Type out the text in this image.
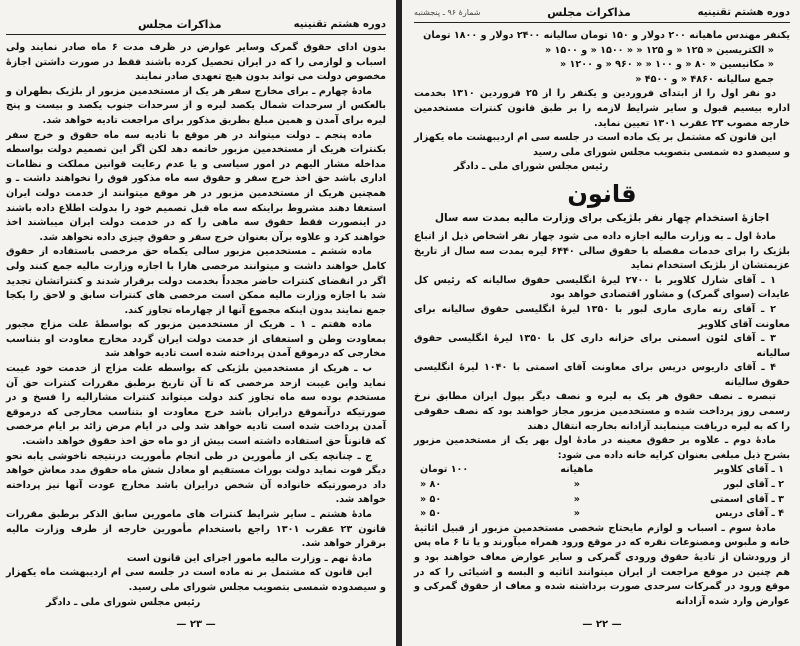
دوره هشتم تقنینیه
مذاکرات مجلس

بدون ادای حقوق گمرک وسایر عوارض در ظرف مدت ۶ ماه صادر نمایند ولی اسباب و لوازمی را که در ایران تحصیل کرده باشند فقط در صورت داشتن اجازهٔ مخصوص دولت می تواند بدون هیچ تعهدی صادر نمایند

مادهٔ چهارم ـ برای مخارج سفر هر یک از مستخدمین مزبور از بلژیک بطهران و بالعکس از سرحدات شمال یکصد لیره و از سرحدات جنوب یکصد و بیست و پنج لیره برای آمدن و همین مبلغ بطریق مذکور برای مراجعت تادیه خواهد شد.

ماده پنجم ـ دولت میتواند در هر موقع با تادیه سه ماه حقوق و خرج سفر بکنترات هریک از مستخدمین مزبور خاتمه دهد لکن اگر این تصمیم دولت بواسطه مداخله مشار الیهم در امور سیاسی و یا عدم رعایت قوانین مملکت و نظامات اداری باشد حق اخذ خرج سفر و حقوق سه ماه مذکور فوق را نخواهند داشت ـ و همچنین هریک از مستخدمین مزبور در هر موقع میتوانند از خدمت دولت ایران استعفا دهند مشروط براینکه سه ماه قبل تصمیم خود را بدولت اطلاع داده باشند در اینصورت فقط حقوق سه ماهی را که در خدمت دولت ایران میباشند اخذ خواهند کرد و علاوه برآن بعنوان خرج سفر و حقوق چیزی داده نخواهد شد.

ماده ششم ـ مستخدمین مزبور سالی یکماه حق مرخصی باستفاده از حقوق کامل خواهند داشت و میتوانند مرخصی هارا با اجازه وزارت مالیه جمع کنند ولی اگر در انقضای کنترات حاضر مجدداً بخدمت دولت برقرار شدند و کنتراتشان تجدید شد با اجازه وزارت مالیه ممکن است مرخصی های کنترات سابق و لاحق را یکجا جمع نمایند بدون اینکه مجموع آنها از چهارماه تجاوز کند.

ماده هفتم ـ ۱ ـ هریک از مستخدمین مزبور که بواسطهٔ علت مزاج مجبور بمعاودت وطن و استعفای از خدمت دولت ایران گردد مخارج معاودت او بتناسب مخارجی که درموقع آمدن پرداخته شده است تادیه خواهد شد

ب ـ هریک از مستخدمین بلژیکی که بواسطه علت مزاج از خدمت خود غیبت نماید واین غیبت ازحد مرخصی که تا آن تاریخ برطبق مقررات کنترات حق آن مستخدم بوده سه ماه تجاوز کند دولت میتواند کنترات مشارالیه را فسخ و در صورتیکه درآنموقع درایران باشد خرج معاودت او بتناسب مخارجی که درموقع آمدن پرداخت شده است تادیه خواهد شد ولی در ایام مرض زائد بر ایام مرخصی که قانوناً حق استفاده داشته است بیش از دو ماه حق اخذ حقوق خواهد داشت.

ج ـ چنانچه یکی از مأمورین در طی انجام مأموریت درنتیجه ناخوشی یابه نحو دیگر فوت نماید دولت بوراث مستقیم او معادل شش ماه حقوق مدد معاش خواهد داد درصورتیکه خانواده آن شخص درایران باشد مخارج عودت آنها نیز پرداخته خواهد شد.

مادهٔ هشتم ـ سایر شرایط کنترات های مامورین سابق الذکر برطبق مقررات قانون ۲۳ عقرب ۱۳۰۱ راجع باستخدام مأمورین خارجه از طرف وزارت مالیه برقرار خواهد شد.

مادهٔ نهم ـ وزارت مالیه مامور اجرای این قانون است

این قانون که مشتمل بر نه ماده است در جلسه سی ام اردیبهشت ماه یکهزار و سیصدوده شمسی بتصویب مجلس شورای ملی رسید.

رئیس مجلس شورای ملی ـ دادگر
— ۲۳ —
دوره هشتم تقنینیه
مذاکرات مجلس
شمارهٔ ۹۶ ـ پنجشنبه
یکنفر مهندس ماهیانه ۲۰۰ دولار و ۱۵۰ تومان سالیانه ۲۴۰۰ دولار و ۱۸۰۰ تومان
« الکتریسین « ۱۲۵ « و ۱۲۵ « « ۱۵۰۰ « و ۱۵۰۰ «
« مکانیسین « ۸۰ « و ۱۰۰ « « ۹۶۰ « و ۱۲۰۰ «
جمع سالیانه ۴۸۶۰ « و ۴۵۰۰ «

دو نفر اول را از ابتدای فروردین و یکنفر را از ۲۵ فروردین ۱۳۱۰ بخدمت اداره بیسیم قبول و سایر شرایط لازمه را بر طبق قانون کنترات مستخدمین خارجه مصوب ۲۳ عقرب ۱۳۰۱ تعیین نماید.

این قانون که مشتمل بر یک ماده است در جلسه سی ام اردیبهشت ماه یکهزار و سیصدو ده شمسی بتصویب مجلس شورای ملی رسید

رئیس مجلس شورای ملی ـ دادگر
قانون
اجازهٔ استخدام چهار نفر بلژیکی برای وزارت مالیه بمدت سه سال

مادهٔ اول ـ به وزارت مالیه اجازه داده می شود چهار نفر اشخاص ذیل از اتباع بلژیک را برای خدمات مفصله با حقوق سالی ۶۴۴۰ لیره بمدت سه سال از تاریخ عزیمتشان از بلژیک استخدام نماید

۱ ـ آقای شارل کلاویر با ۲۷۰۰ لیرهٔ انگلیسی حقوق سالیانه که رئیس کل عایدات (سوای گمرک) و مشاور اقتصادی خواهد بود

۲ ـ آقای رنه ماری ماری لبور با ۱۳۵۰ لیرهٔ انگلیسی حقوق سالیانه برای معاونت آقای کلاویر

۳ ـ آقای لئون اسمتی برای خزانه داری کل با ۱۳۵۰ لیرهٔ انگلیسی حقوق سالیانه

۴ ـ آقای داریوس دریس برای معاونت آقای اسمتی با ۱۰۴۰ لیرهٔ انگلیسی حقوق سالیانه

تبصره ـ نصف حقوق هر یک به لیره و نصف دیگر بپول ایران مطابق نرخ رسمی روز پرداخت شده و مستخدمین مزبور مجاز خواهند بود که نصف حقوقی را که به لیره دریافت مینمایند آزادانه بخارجه انتقال دهند

مادهٔ دوم ـ علاوه بر حقوق معینه در مادهٔ اول بهر یک از مستخدمین مزبور بشرح ذیل مبلغی بعنوان کرایه خانه داده می شود:

۱ ـ آقای کلاویر	ماهیانه	۱۰۰ تومان
۲ ـ آقای لبور	«	۸۰ «
۳ ـ آقای اسمتی	«	۵۰ «
۴ ـ آقای دریس	«	۵۰ «

مادهٔ سوم ـ اسباب و لوازم مایحتاج شخصی مستخدمین مزبور از قبیل اثاثیهٔ خانه و ملبوس ومصنوعات نقره که در موقع ورود همراه میآورند و یا تا ۶ ماه پس از ورودشان از تادیهٔ حقوق ورودی گمرکی و سایر عوارض معاف خواهند بود و هم چنین در موقع مراجعت از ایران میتوانند اثاثیه و البسه و اشیائی را که در موقع ورود در گمرکات سرحدی صورت برداشته شده و معاف از حقوق گمرکی و عوارض وارد شده آزادانه

— ۲۲ —
